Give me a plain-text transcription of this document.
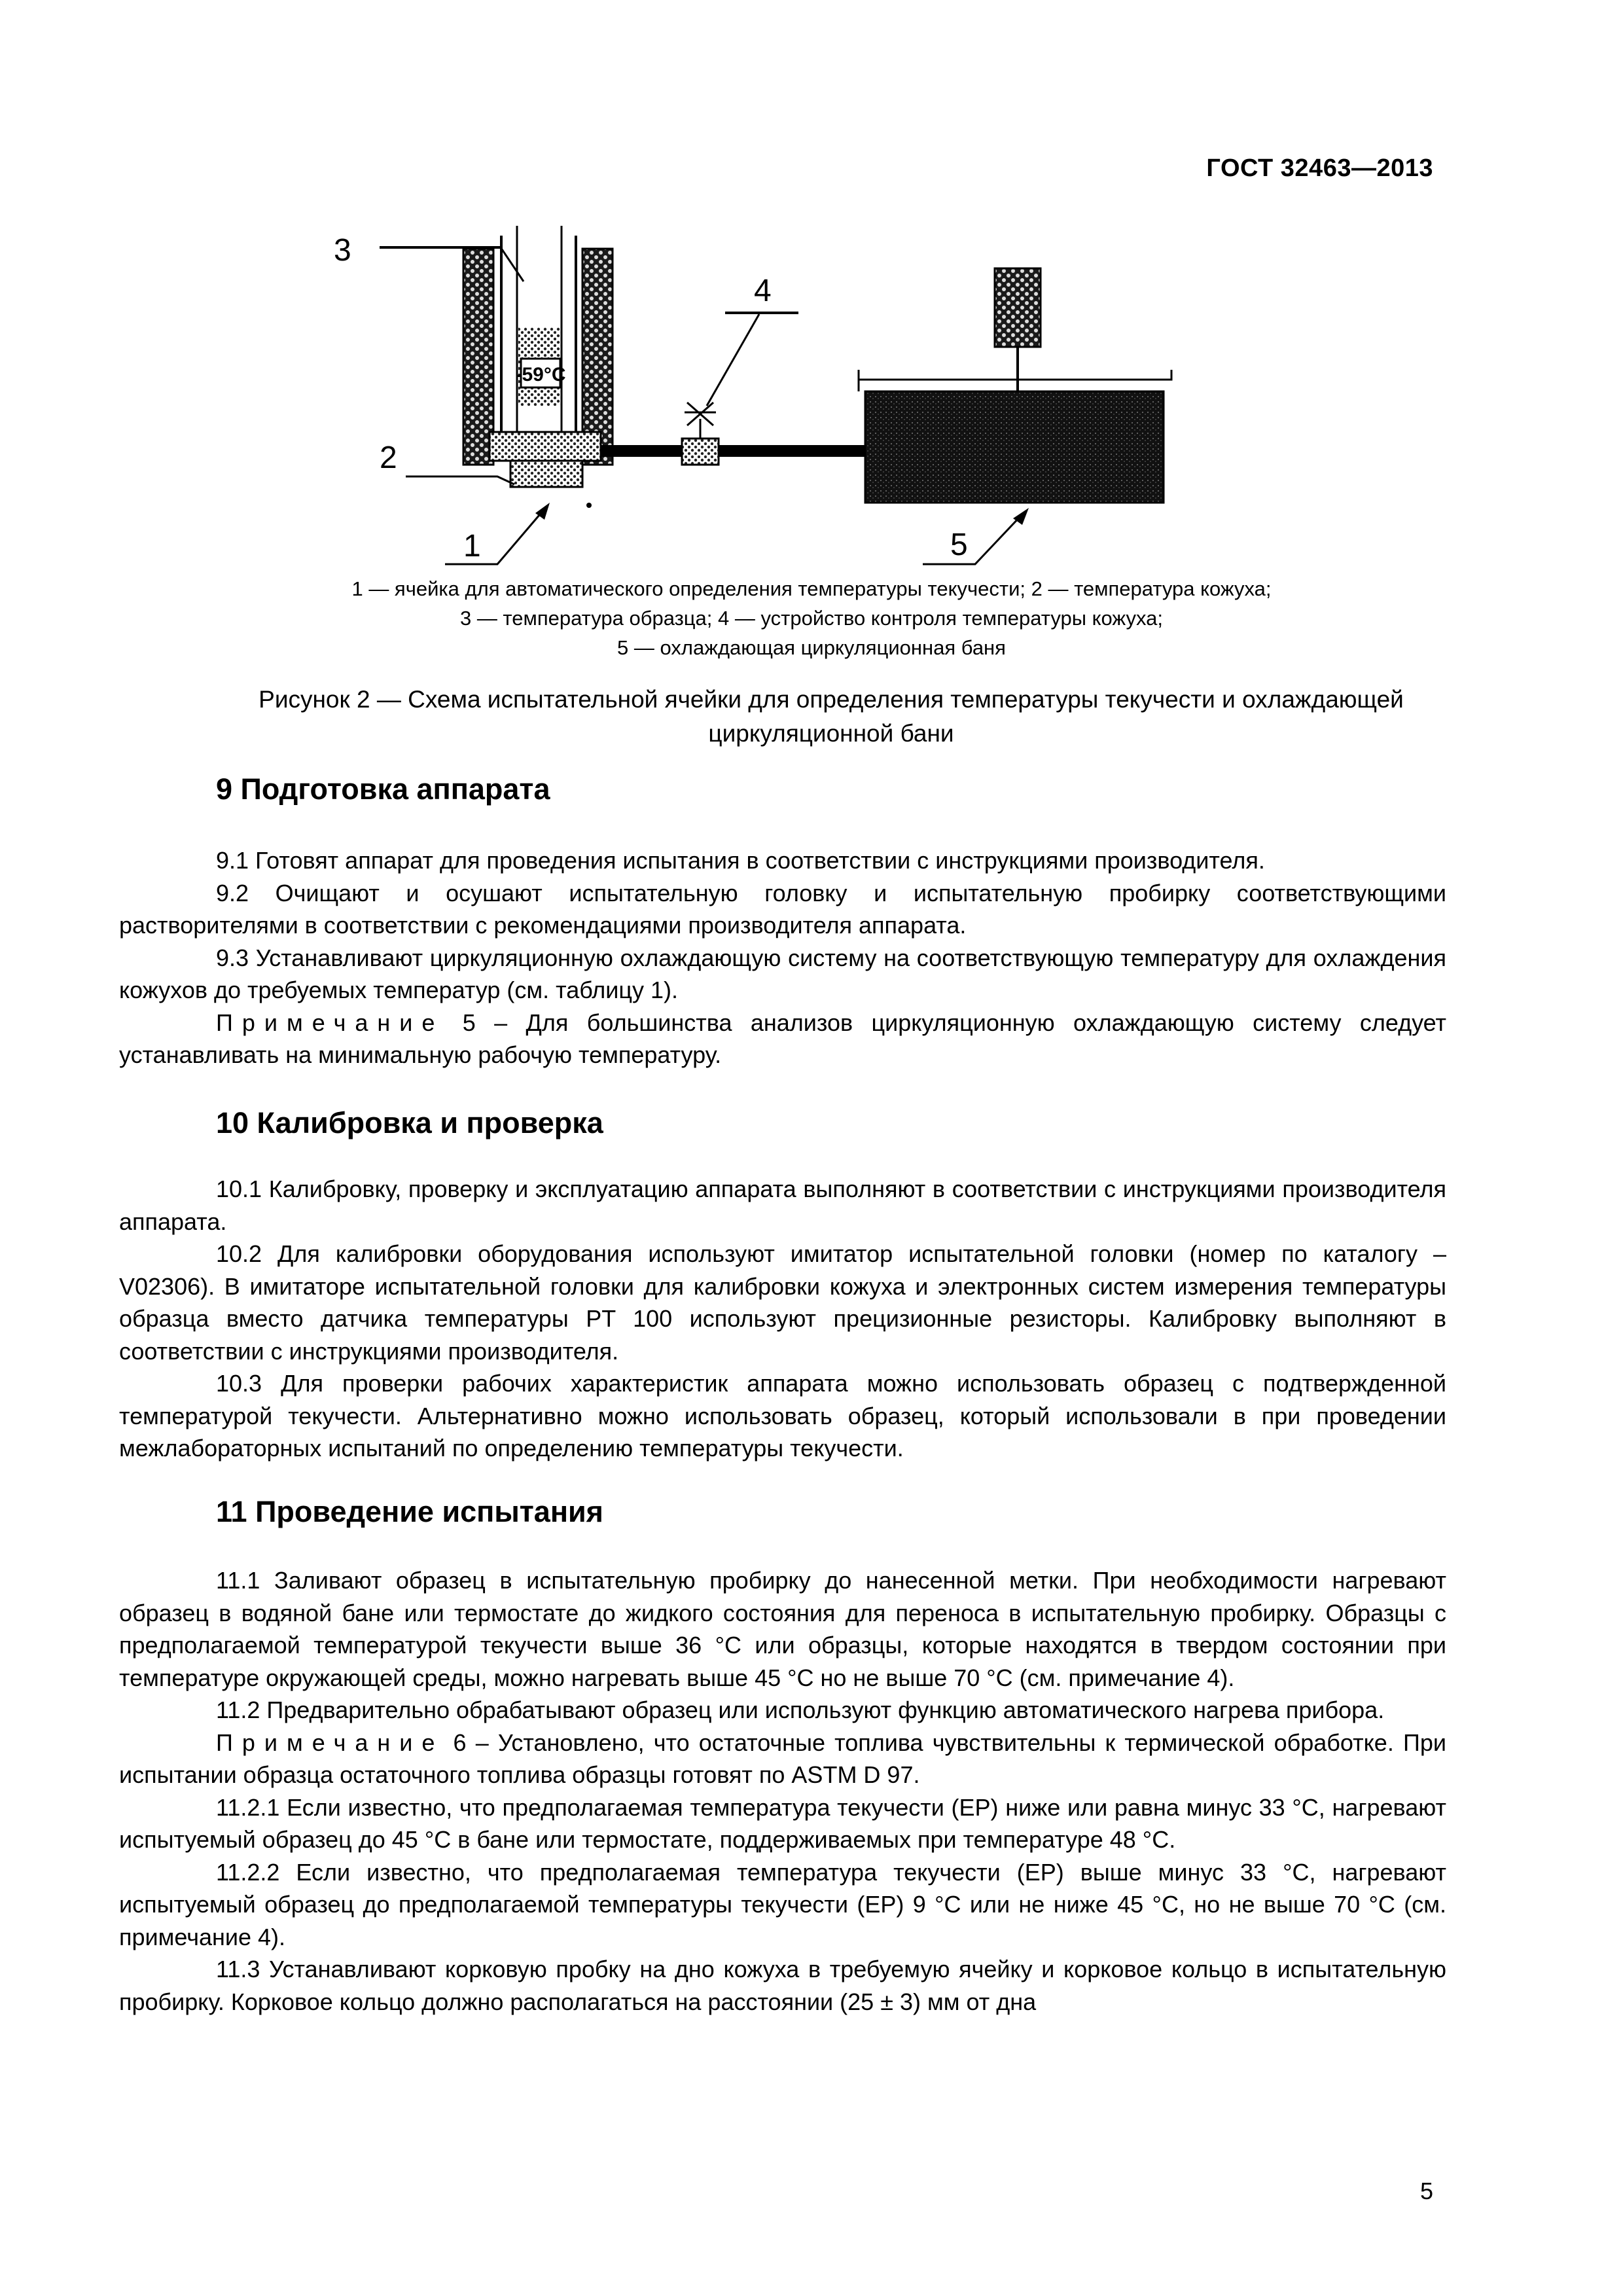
ГОСТ 32463—2013
3
-59°C
2
1
4
5
1 — ячейка для автоматического определения температуры текучести; 2 — температура кожуха;
3 — температура образца; 4 — устройство контроля температуры кожуха;
5 — охлаждающая циркуляционная баня
Рисунок 2 — Схема испытательной ячейки для определения температуры текучести и охлаждающей циркуляционной бани
9 Подготовка аппарата

9.1 Готовят аппарат для проведения испытания в соответствии с инструкциями производителя.

9.2 Очищают и осушают испытательную головку и испытательную пробирку соответствующими растворителями в соответствии с рекомендациями производителя аппарата.

9.3 Устанавливают циркуляционную охлаждающую систему на соответствующую температуру для охлаждения кожухов до требуемых температур (см. таблицу 1).

Примечание 5 – Для большинства анализов циркуляционную охлаждающую систему следует устанавливать на минимальную рабочую температуру.

10 Калибровка и проверка

10.1 Калибровку, проверку и эксплуатацию аппарата выполняют в соответствии с инструкциями производителя аппарата.

10.2 Для калибровки оборудования используют имитатор испытательной головки (номер по каталогу – V02306). В имитаторе испытательной головки для калибровки кожуха и электронных систем измерения температуры образца вместо датчика температуры PT 100 используют прецизионные резисторы. Калибровку выполняют в соответствии с инструкциями производителя.

10.3 Для проверки рабочих характеристик аппарата можно использовать образец с подтвержденной температурой текучести. Альтернативно можно использовать образец, который использовали в при проведении межлабораторных испытаний по определению температуры текучести.

11 Проведение испытания

11.1 Заливают образец в испытательную пробирку до нанесенной метки. При необходимости нагревают образец в водяной бане или термостате до жидкого состояния для переноса в испытательную пробирку. Образцы с предполагаемой температурой текучести выше 36 °С или образцы, которые находятся в твердом состоянии при температуре окружающей среды, можно нагревать выше 45 °С но не выше 70 °С (см. примечание 4).

11.2 Предварительно обрабатывают образец или используют функцию автоматического нагрева прибора.

Примечание 6 – Установлено, что остаточные топлива чувствительны к термической обработке. При испытании образца остаточного топлива образцы готовят по ASTM D 97.

11.2.1 Если известно, что предполагаемая температура текучести (ЕР) ниже или равна минус 33 °С, нагревают испытуемый образец до 45 °С в бане или термостате, поддерживаемых при температуре 48 °С.

11.2.2 Если известно, что предполагаемая температура текучести (ЕР) выше минус 33 °С, нагревают испытуемый образец до предполагаемой температуры текучести (ЕР) 9 °С или не ниже 45 °С, но не выше 70 °С (см. примечание 4).

11.3 Устанавливают корковую пробку на дно кожуха в требуемую ячейку и корковое кольцо в испытательную пробирку. Корковое кольцо должно располагаться на расстоянии (25 ± 3) мм от дна

5
